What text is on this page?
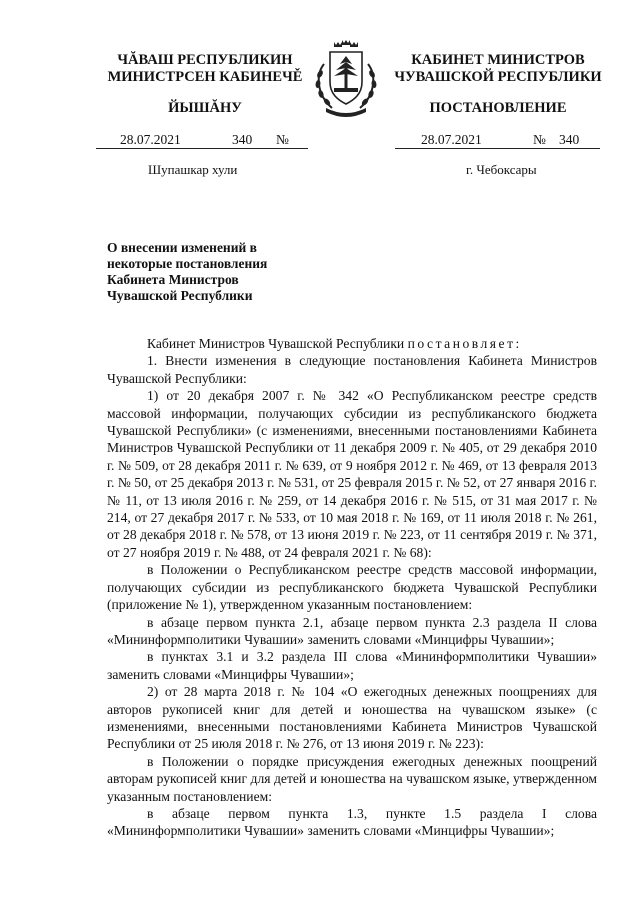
ЧĂВАШ РЕСПУБЛИКИН
МИНИСТРСЕН КАБИНЕЧĚ
ЙЫШĂНУ
КАБИНЕТ МИНИСТРОВ
ЧУВАШСКОЙ РЕСПУБЛИКИ
ПОСТАНОВЛЕНИЕ
28.07.2021	340 №	28.07.2021	№ 340
Шупашкар хули	г. Чебоксары
О внесении изменений в некоторые постановления Кабинета Министров Чувашской Республики

Кабинет Министров Чувашской Республики постановляет:

1. Внести изменения в следующие постановления Кабинета Министров Чувашской Республики:

1) от 20 декабря 2007 г. № 342 «О Республиканском реестре средств массовой информации, получающих субсидии из республиканского бюджета Чувашской Республики» (с изменениями, внесенными постановлениями Кабинета Министров Чувашской Республики от 11 декабря 2009 г. № 405, от 29 декабря 2010 г. № 509, от 28 декабря 2011 г. № 639, от 9 ноября 2012 г. № 469, от 13 февраля 2013 г. № 50, от 25 декабря 2013 г. № 531, от 25 февраля 2015 г. № 52, от 27 января 2016 г. № 11, от 13 июля 2016 г. № 259, от 14 декабря 2016 г. № 515, от 31 мая 2017 г. № 214, от 27 декабря 2017 г. № 533, от 10 мая 2018 г. № 169, от 11 июля 2018 г. № 261, от 28 декабря 2018 г. № 578, от 13 июня 2019 г. № 223, от 11 сентября 2019 г. № 371, от 27 ноября 2019 г. № 488, от 24 февраля 2021 г. № 68):

в Положении о Республиканском реестре средств массовой информации, получающих субсидии из республиканского бюджета Чувашской Республики (приложение № 1), утвержденном указанным постановлением:

в абзаце первом пункта 2.1, абзаце первом пункта 2.3 раздела II слова «Мининформполитики Чувашии» заменить словами «Минцифры Чувашии»;

в пунктах 3.1 и 3.2 раздела III слова «Мининформполитики Чувашии» заменить словами «Минцифры Чувашии»;

2) от 28 марта 2018 г. № 104 «О ежегодных денежных поощрениях для авторов рукописей книг для детей и юношества на чувашском языке» (с изменениями, внесенными постановлениями Кабинета Министров Чувашской Республики от 25 июля 2018 г. № 276, от 13 июня 2019 г. № 223):

в Положении о порядке присуждения ежегодных денежных поощрений авторам рукописей книг для детей и юношества на чувашском языке, утвержденном указанным постановлением:

в абзаце первом пункта 1.3, пункте 1.5 раздела I слова «Мининформполитики Чувашии» заменить словами «Минцифры Чувашии»;
